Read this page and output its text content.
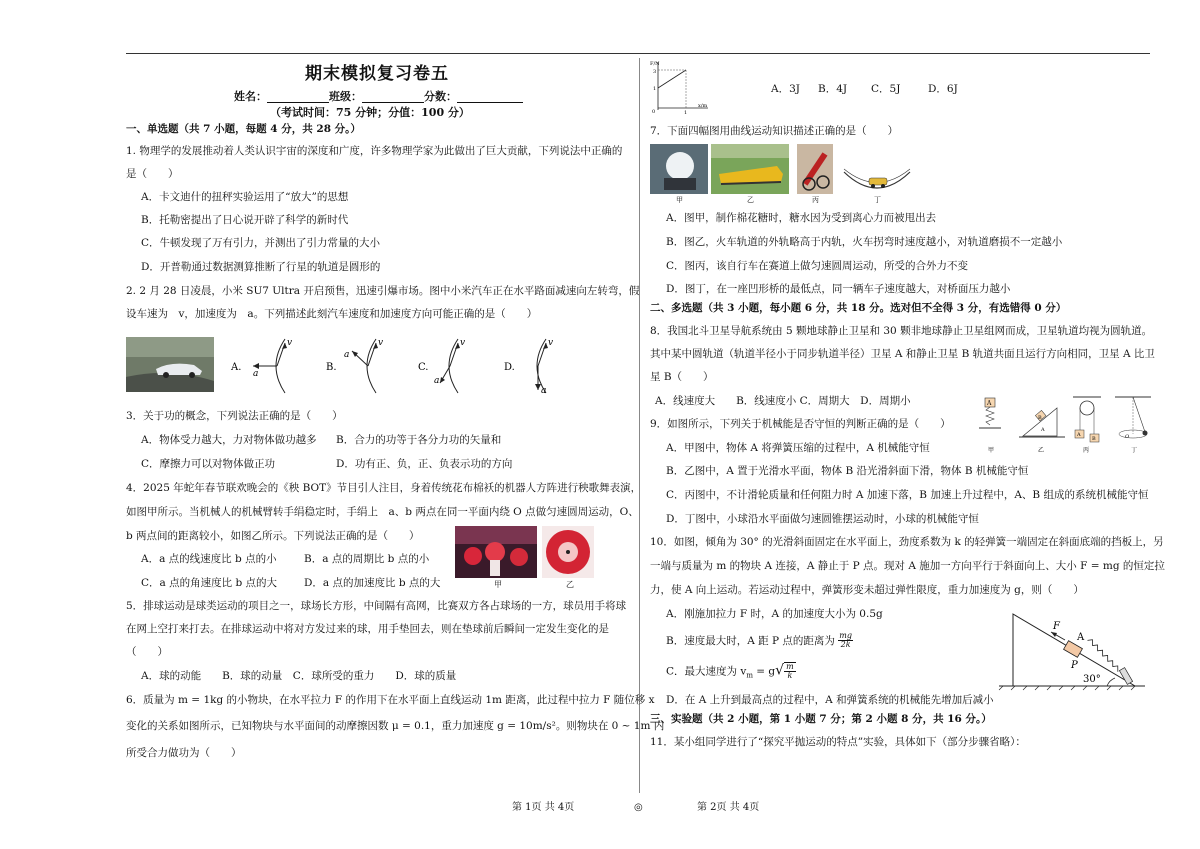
期末模拟复习卷五
姓名：	班级：	分数：
（考试时间：75 分钟；分值：100 分）
一、单选题（共 7 小题，每题 4 分，共 28 分。）
1. 物理学的发展推动着人类认识宇宙的深度和广度，许多物理学家为此做出了巨大贡献，下列说法中正确的
是（　　）
A．卡文迪什的扭秤实验运用了“放大”的思想
B．托勒密提出了日心说开辟了科学的新时代
C．牛顿发现了万有引力，并测出了引力常量的大小
D．开普勒通过数据测算推断了行星的轨道是圆形的
2. 2 月 28 日凌晨，小米 SU7 Ultra 开启预售，迅速引爆市场。图中小米汽车正在水平路面减速向左转弯，假
设车速为　v，加速度为　a。下列描述此刻汽车速度和加速度方向可能正确的是（　　）
A.
v
a
B.
v
a
C.
v
a
D.
v
a
3．关于功的概念，下列说法正确的是（　　）
A．物体受力越大，力对物体做功越多 B．合力的功等于各分力功的矢量和
C．摩擦力可以对物体做正功	D．功有正、负，正、负表示功的方向
4．2025 年蛇年春节联欢晚会的《秧 BOT》节目引人注目，身着传统花布棉袄的机器人方阵进行秧歌舞表演，
如图甲所示。当机械人的机械臂转手绢稳定时，手绢上　a、b 两点在同一平面内绕 O 点做匀速圆周运动，O、
b 两点间的距离较小，如图乙所示。下列说法正确的是（　　）
A．a 点的线速度比 b 点的小	B．a 点的周期比 b 点的小
C．a 点的角速度比 b 点的大	D．a 点的加速度比 b 点的大	甲	乙
5．排球运动是球类运动的项目之一，球场长方形，中间隔有高网，比赛双方各占球场的一方，球员用手将球
在网上空打来打去。在排球运动中将对方发过来的球，用手垫回去，则在垫球前后瞬间一定发生变化的是
（　　）
A．球的动能　　B．球的动量　C．球所受的重力　　D．球的质量
6．质量为 m = 1kg 的小物块，在水平拉力 F 的作用下在水平面上直线运动 1m 距离，此过程中拉力 F 随位移 x
变化的关系如图所示，已知物块与水平面间的动摩擦因数 μ = 0.1，重力加速度 g = 10m/s²。则物块在 0 ~ 1m 内
所受合力做功为（　　）
F/N
x/m
3
1
0	1
A．3J B．4J C．5J	D．6J
7．下面四幅图用曲线运动知识描述正确的是（　　）
甲	乙	丙	丁
A．图甲，制作棉花糖时，糖水因为受到离心力而被甩出去
B．图乙，火车轨道的外轨略高于内轨，火车拐弯时速度越小，对轨道磨损不一定越小
C．图丙，该自行车在赛道上做匀速圆周运动，所受的合外力不变
D．图丁，在一座凹形桥的最低点，同一辆车子速度越大，对桥面压力越小
二、多选题（共 3 小题，每小题 6 分，共 18 分。选对但不全得 3 分，有选错得 0 分）
8．我国北斗卫星导航系统由 5 颗地球静止卫星和 30 颗非地球静止卫星组网而成，卫星轨道均视为圆轨道。
其中某中圆轨道（轨道半径小于同步轨道半径）卫星 A 和静止卫星 B 轨道共面且运行方向相同，卫星 A 比卫
星 B（　　）
A．线速度大　　B．线速度小 C．周期大　D．周期小
9．如图所示，下列关于机械能是否守恒的判断正确的是（　　）
A．甲图中，物体 A 将弹簧压缩的过程中，A 机械能守恒
B．乙图中，A 置于光滑水平面，物体 B 沿光滑斜面下滑，物体 B 机械能守恒
C．丙图中，不计滑轮质量和任何阻力时 A 加速下落，B 加速上升过程中，A、B 组成的系统机械能守恒
D．丁图中，小球沿水平面做匀速圆锥摆运动时，小球的机械能守恒
A
甲
B
A
乙
A
B
丙
O
丁
10．如图，倾角为 30° 的光滑斜面固定在水平面上，劲度系数为 k 的轻弹簧一端固定在斜面底端的挡板上，另
一端与质量为 m 的物块 A 连接，A 静止于 P 点。现对 A 施加一方向平行于斜面向上、大小 F = mg 的恒定拉
力，使 A 向上运动。若运动过程中，弹簧形变未超过弹性限度，重力加速度为 g，则（　　）
A．刚施加拉力 F 时，A 的加速度大小为 0.5g
B．速度最大时，A 距 P 点的距离为 $\frac{mg}{2k}$
C．最大速度为 $v_m = g√ \frac{m}{k}$
D．在 A 上升到最高点的过程中，A 和弹簧系统的机械能先增加后减小
F
A
P
30°
三、实验题（共 2 小题，第 1 小题 7 分；第 2 小题 8 分，共 16 分。）
11．某小组同学进行了“探究平抛运动的特点”实验，具体如下（部分步骤省略）：
第 1页 共 4页	◎	第 2页 共 4页
